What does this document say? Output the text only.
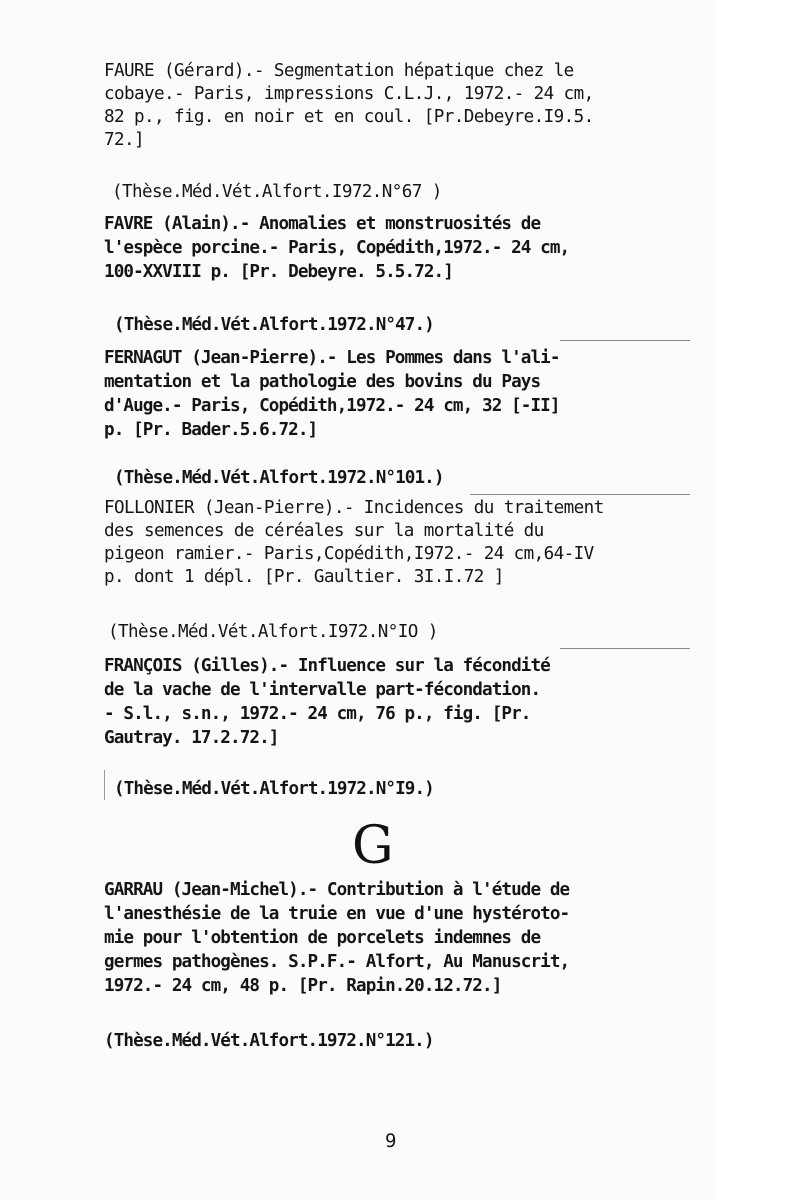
FAURE (Gérard).- Segmentation hépatique chez le
cobaye.- Paris, impressions C.L.J., 1972.- 24 cm,
82 p., fig. en noir et en coul. [Pr.Debeyre.I9.5.
72.]
(Thèse.Méd.Vét.Alfort.I972.N°67 )
FAVRE (Alain).- Anomalies et monstruosités de
l'espèce porcine.- Paris, Copédith,1972.- 24 cm,
100-XXVIII p. [Pr. Debeyre. 5.5.72.]
(Thèse.Méd.Vét.Alfort.1972.N°47.)
FERNAGUT (Jean-Pierre).- Les Pommes dans l'ali-
mentation et la pathologie des bovins du Pays
d'Auge.- Paris, Copédith,1972.- 24 cm, 32 [-II]
p. [Pr. Bader.5.6.72.]
(Thèse.Méd.Vét.Alfort.1972.N°101.)
FOLLONIER (Jean-Pierre).- Incidences du traitement
des semences de céréales sur la mortalité du
pigeon ramier.- Paris,Copédith,I972.- 24 cm,64-IV
p. dont 1 dépl. [Pr. Gaultier. 3I.I.72 ]
(Thèse.Méd.Vét.Alfort.I972.N°IO )
FRANÇOIS (Gilles).- Influence sur la fécondité
de la vache de l'intervalle part-fécondation.
- S.l., s.n., 1972.- 24 cm, 76 p., fig. [Pr.
Gautray. 17.2.72.]
(Thèse.Méd.Vét.Alfort.1972.N°I9.)
G
GARRAU (Jean-Michel).- Contribution à l'étude de
l'anesthésie de la truie en vue d'une hystéroto-
mie pour l'obtention de porcelets indemnes de
germes pathogènes. S.P.F.- Alfort, Au Manuscrit,
1972.- 24 cm, 48 p. [Pr. Rapin.20.12.72.]
(Thèse.Méd.Vét.Alfort.1972.N°121.)
9
